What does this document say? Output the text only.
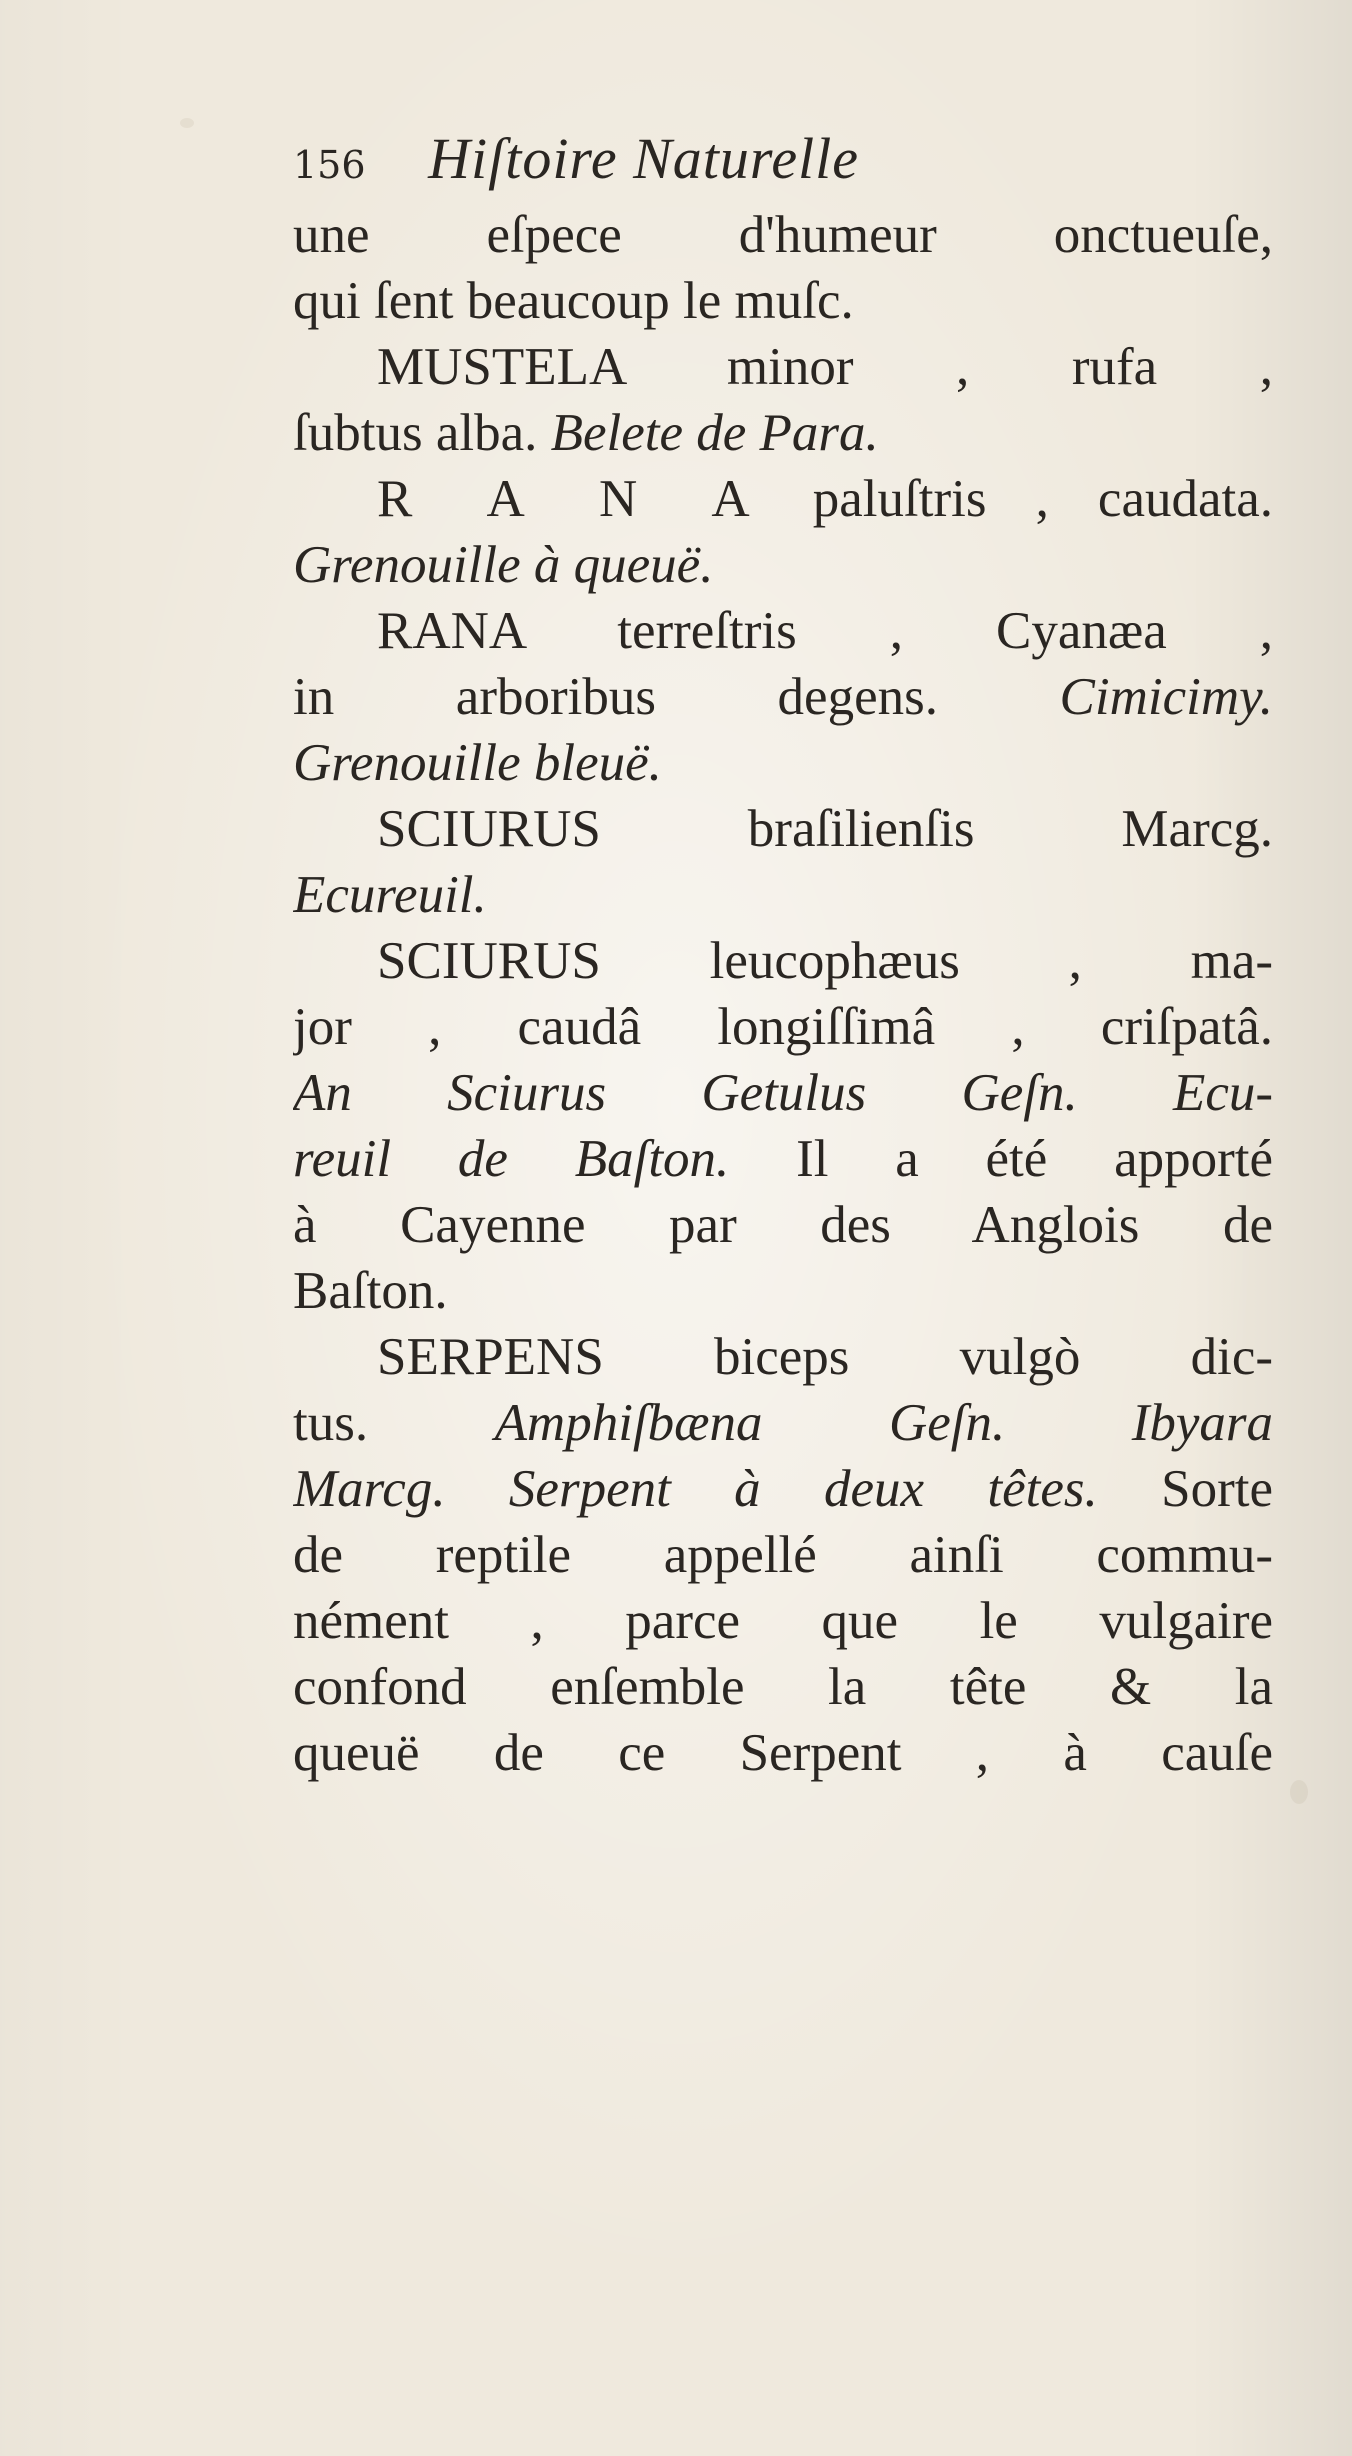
156 Hiſtoire Naturelle
une eſpece d'humeur onctueuſe,
qui ſent beaucoup le muſc.
MUSTELA minor , rufa ,
ſubtus alba. Belete de Para.
R A N A paluſtris , caudata.
Grenouille à queuë.
RANA terreſtris , Cyanæa ,
in arboribus degens. Cimicimy.
Grenouille bleuë.
SCIURUS braſilienſis Marcg.
Ecureuil.
SCIURUS leucophæus , ma-
jor , caudâ longiſſimâ , criſpatâ.
An Sciurus Getulus Geſn. Ecu-
reuil de Baſton. Il a été apporté
à Cayenne par des Anglois de
Baſton.
SERPENS biceps vulgò dic-
tus. Amphiſbæna Geſn. Ibyara
Marcg. Serpent à deux têtes. Sorte
de reptile appellé ainſi commu-
nément , parce que le vulgaire
confond enſemble la tête & la
queuë de ce Serpent , à cauſe
